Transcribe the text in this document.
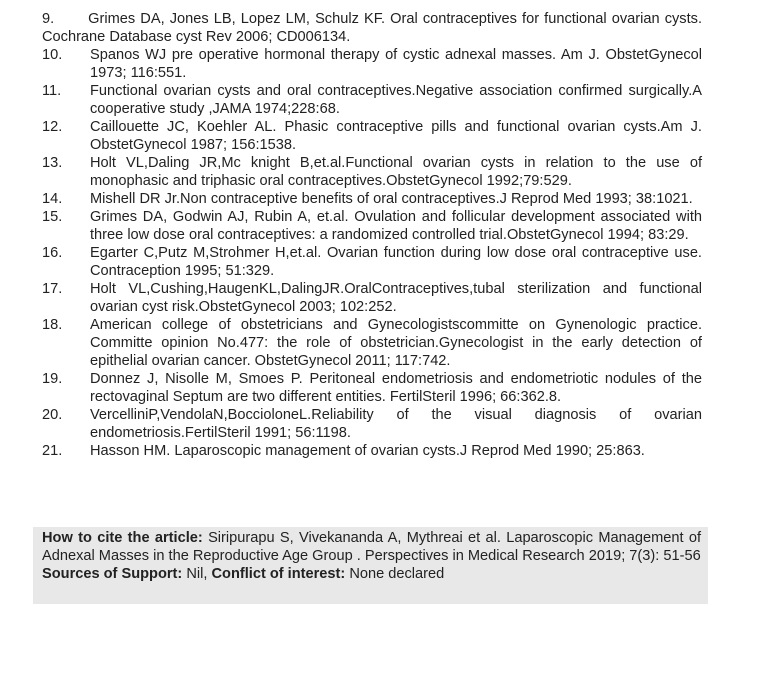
9. Grimes DA, Jones LB, Lopez LM, Schulz KF. Oral contraceptives for functional ovarian cysts. Cochrane Database cyst Rev 2006; CD006134.
10.	Spanos WJ pre operative hormonal therapy of cystic adnexal masses. Am J. ObstetGynecol 1973; 116:551.
11.	Functional ovarian cysts and oral contraceptives.Negative association confirmed surgically.A cooperative study ,JAMA 1974;228:68.
12.	Caillouette JC, Koehler AL. Phasic contraceptive pills and functional ovarian cysts.Am J. ObstetGynecol 1987; 156:1538.
13.	Holt VL,Daling JR,Mc knight B,et.al.Functional ovarian cysts in relation to the use of monophasic and triphasic oral contraceptives.ObstetGynecol 1992;79:529.
14.	Mishell DR Jr.Non contraceptive benefits of oral contraceptives.J Reprod Med 1993; 38:1021.
15.	Grimes DA, Godwin AJ, Rubin A, et.al. Ovulation and follicular development associated with three low dose oral contraceptives: a randomized controlled trial.ObstetGynecol 1994; 83:29.
16.	Egarter C,Putz M,Strohmer H,et.al. Ovarian function during low dose oral contraceptive use. Contraception 1995; 51:329.
17.	Holt VL,Cushing,HaugenKL,DalingJR.OralContraceptives,tubal sterilization and functional ovarian cyst risk.ObstetGynecol 2003; 102:252.
18.	American college of obstetricians and Gynecologistscommitte on Gynenologic practice. Committe opinion No.477: the role of obstetrician.Gynecologist in the early detection of epithelial ovarian cancer. ObstetGynecol 2011; 117:742.
19.	Donnez J, Nisolle M, Smoes P. Peritoneal endometriosis and endometriotic nodules of the rectovaginal Septum are two different entities. FertilSteril 1996; 66:362.8.
20.	VercelliniP,VendolaN,BoccioloneL.Reliability of the visual diagnosis of ovarian endometriosis.FertilSteril 1991; 56:1198.
21.	Hasson HM. Laparoscopic management of ovarian cysts.J Reprod Med 1990; 25:863.

How to cite the article: Siripurapu S, Vivekananda A, Mythreai et al. Laparoscopic Management of Adnexal Masses in the Reproductive Age Group . Perspectives in Medical Research 2019; 7(3): 51-56

Sources of Support: Nil, Conflict of interest: None declared
